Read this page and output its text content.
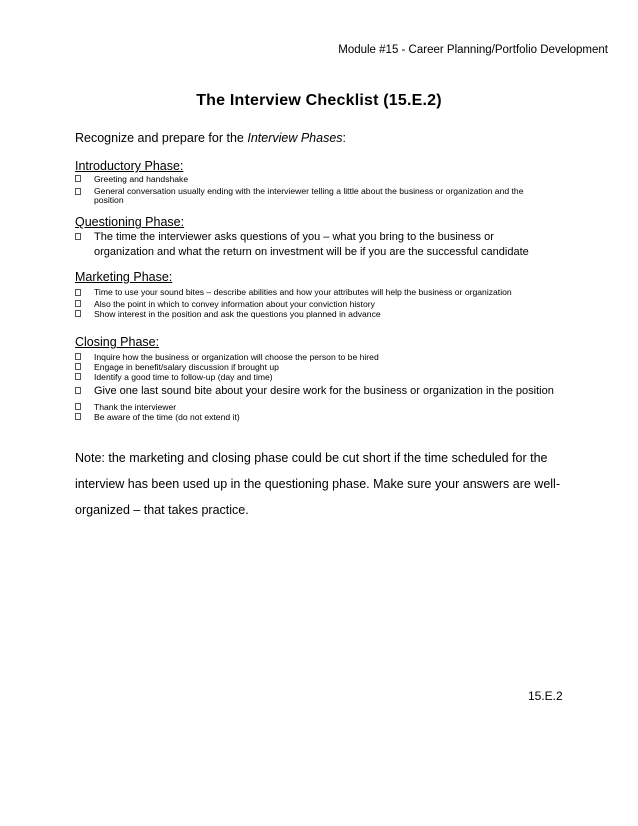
Module #15 - Career Planning/Portfolio Development
The Interview Checklist (15.E.2)
Recognize and prepare for the Interview Phases:
Introductory Phase:
Greeting and handshake
General conversation usually ending with the interviewer telling a little about the business or organization and the position
Questioning Phase:
The time the interviewer asks questions of you – what you bring to the business or organization and what the return on investment will be if you are the successful candidate
Marketing Phase:
Time to use your sound bites – describe abilities and how your attributes will help the business or organization
Also the point in which to convey information about your conviction history
Show interest in the position and ask the questions you planned in advance
Closing Phase:
Inquire how the business or organization will choose the person to be hired
Engage in benefit/salary discussion if brought up
Identify a good time to follow-up (day and time)
Give one last sound bite about your desire work for the business or organization in the position
Thank the interviewer
Be aware of the time (do not extend it)
Note: the marketing and closing phase could be cut short if the time scheduled for the interview has been used up in the questioning phase. Make sure your answers are well-organized – that takes practice.
15.E.2
